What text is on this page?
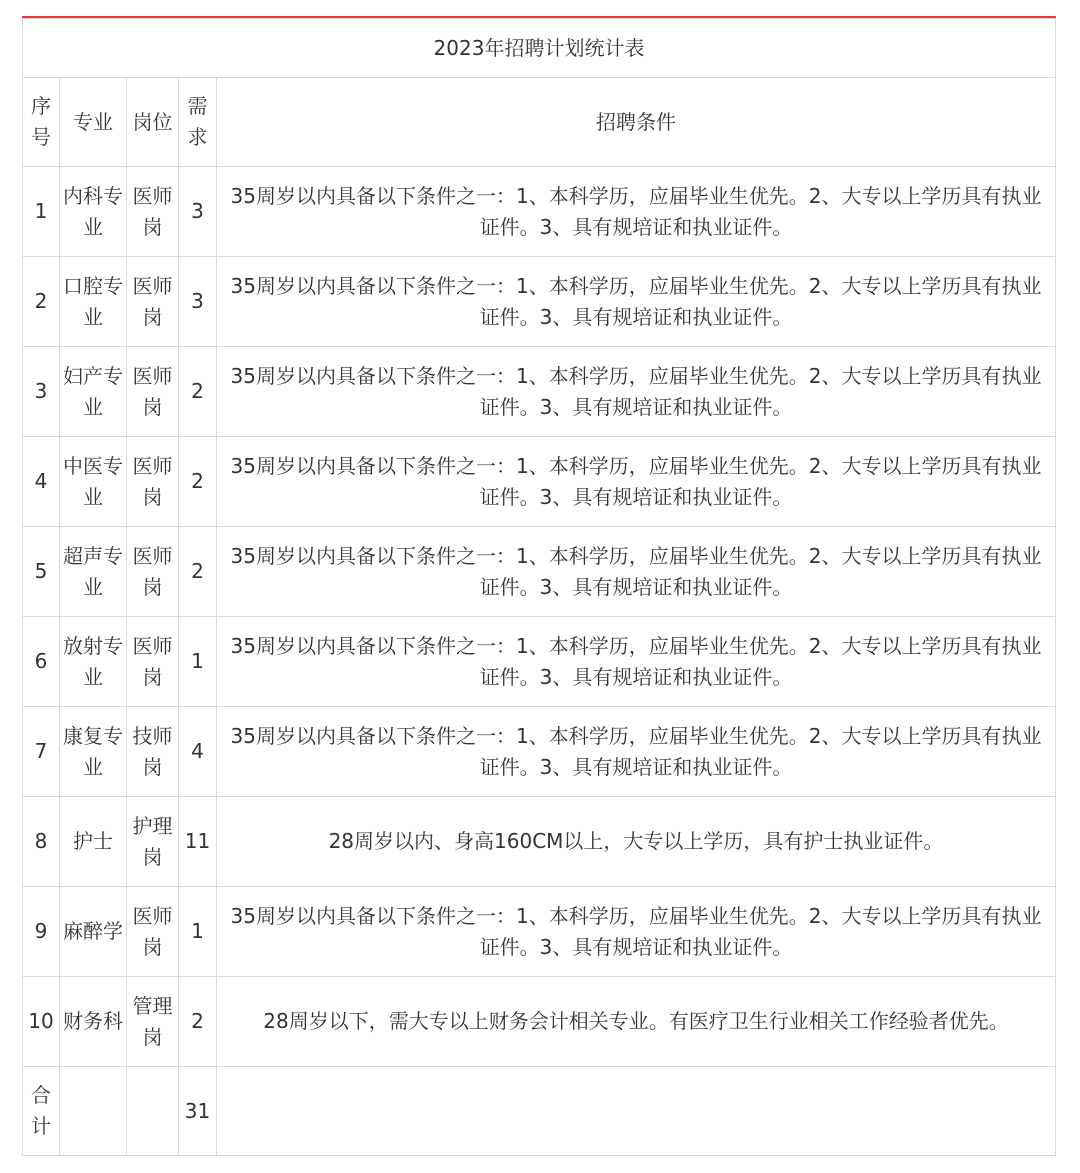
2023年招聘计划统计表				
序号	专业	岗位	需求	招聘条件
1	内科专业	医师岗	3	35周岁以内具备以下条件之一：1、本科学历，应届毕业生优先。2、大专以上学历具有执业证件。3、具有规培证和执业证件。
2	口腔专业	医师岗	3	35周岁以内具备以下条件之一：1、本科学历，应届毕业生优先。2、大专以上学历具有执业证件。3、具有规培证和执业证件。
3	妇产专业	医师岗	2	35周岁以内具备以下条件之一：1、本科学历，应届毕业生优先。2、大专以上学历具有执业证件。3、具有规培证和执业证件。
4	中医专业	医师岗	2	35周岁以内具备以下条件之一：1、本科学历，应届毕业生优先。2、大专以上学历具有执业证件。3、具有规培证和执业证件。
5	超声专业	医师岗	2	35周岁以内具备以下条件之一：1、本科学历，应届毕业生优先。2、大专以上学历具有执业证件。3、具有规培证和执业证件。
6	放射专业	医师岗	1	35周岁以内具备以下条件之一：1、本科学历，应届毕业生优先。2、大专以上学历具有执业证件。3、具有规培证和执业证件。
7	康复专业	技师岗	4	35周岁以内具备以下条件之一：1、本科学历，应届毕业生优先。2、大专以上学历具有执业证件。3、具有规培证和执业证件。
8	护士	护理岗	11	28周岁以内、身高160CM以上，大专以上学历，具有护士执业证件。
9	麻醉学	医师岗	1	35周岁以内具备以下条件之一：1、本科学历，应届毕业生优先。2、大专以上学历具有执业证件。3、具有规培证和执业证件。
10	财务科	管理岗	2	28周岁以下，需大专以上财务会计相关专业。有医疗卫生行业相关工作经验者优先。
合计			31	
